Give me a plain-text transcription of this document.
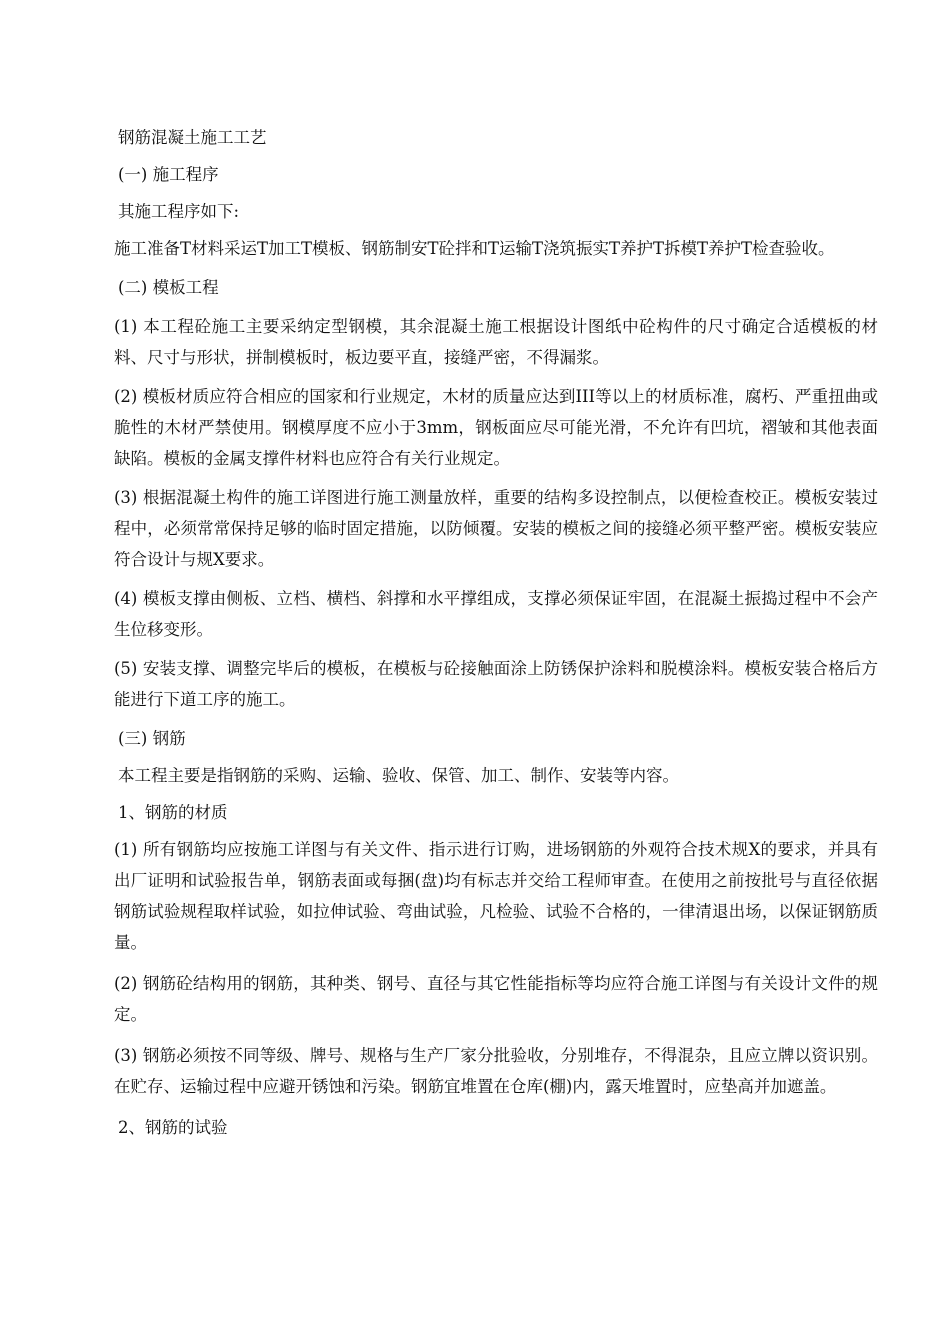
钢筋混凝土施工工艺

(一) 施工程序

其施工程序如下:

施工准备T材料采运T加工T模板、钢筋制安T砼拌和T运输T浇筑振实T养护T拆模T养护T检查验收。

(二) 模板工程

(1) 本工程砼施工主要采纳定型钢模，其余混凝土施工根据设计图纸中砼构件的尺寸确定合适模板的材料、尺寸与形状，拼制模板时，板边要平直，接缝严密，不得漏浆。

(2) 模板材质应符合相应的国家和行业规定，木材的质量应达到III等以上的材质标准，腐朽、严重扭曲或脆性的木材严禁使用。钢模厚度不应小于3mm，钢板面应尽可能光滑，不允许有凹坑，褶皱和其他表面缺陷。模板的金属支撑件材料也应符合有关行业规定。

(3) 根据混凝土构件的施工详图进行施工测量放样，重要的结构多设控制点，以便检查校正。模板安装过程中，必须常常保持足够的临时固定措施，以防倾覆。安装的模板之间的接缝必须平整严密。模板安装应符合设计与规X要求。

(4) 模板支撑由侧板、立档、横档、斜撑和水平撑组成，支撑必须保证牢固，在混凝土振捣过程中不会产生位移变形。

(5) 安装支撑、调整完毕后的模板，在模板与砼接触面涂上防锈保护涂料和脱模涂料。模板安装合格后方能进行下道工序的施工。

(三) 钢筋

本工程主要是指钢筋的采购、运输、验收、保管、加工、制作、安装等内容。

1、钢筋的材质

(1) 所有钢筋均应按施工详图与有关文件、指示进行订购，进场钢筋的外观符合技术规X的要求，并具有出厂证明和试验报告单，钢筋表面或每捆(盘)均有标志并交给工程师审查。在使用之前按批号与直径依据钢筋试验规程取样试验，如拉伸试验、弯曲试验，凡检验、试验不合格的，一律清退出场，以保证钢筋质量。

(2) 钢筋砼结构用的钢筋，其种类、钢号、直径与其它性能指标等均应符合施工详图与有关设计文件的规定。

(3) 钢筋必须按不同等级、牌号、规格与生产厂家分批验收，分别堆存，不得混杂，且应立牌以资识别。在贮存、运输过程中应避开锈蚀和污染。钢筋宜堆置在仓库(棚)内，露天堆置时，应垫高并加遮盖。

2、钢筋的试验
